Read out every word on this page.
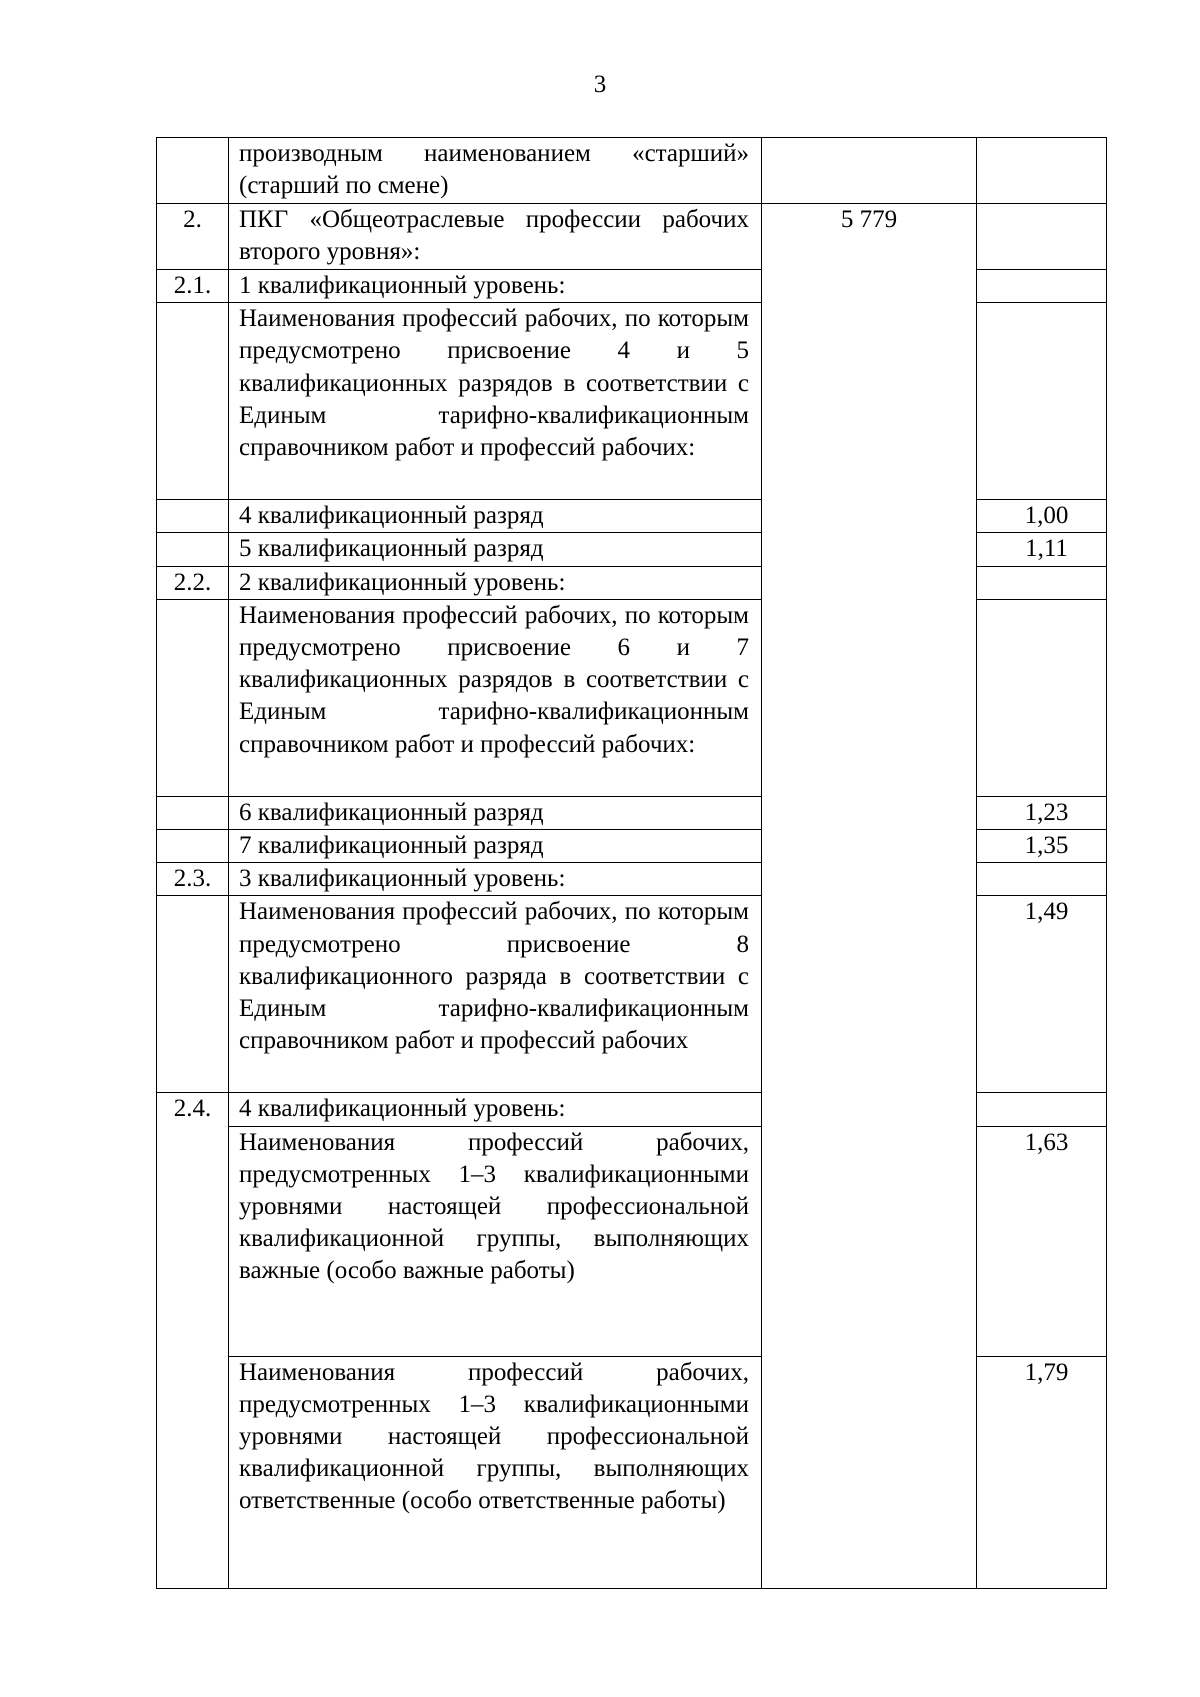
3
	производным наименованием «старший» (старший по смене)		

2.	ПКГ «Общеотраслевые профессии рабочих второго уровня»:	5 779	

2.1.	1 квалификационный уровень:		
	Наименования профессий рабочих, по которым предусмотрено присвоение 4 и 5 квалификационных разрядов в соответствии с Единым тарифно-квалификационным справочником работ и профессий рабочих:		
	4 квалификационный разряд		1,00

	5 квалификационный разряд		1,11

2.2.	2 квалификационный уровень:		
	Наименования профессий рабочих, по которым предусмотрено присвоение 6 и 7 квалификационных разрядов в соответствии с Единым тарифно-квалификационным справочником работ и профессий рабочих:		
	6 квалификационный разряд		1,23

	7 квалификационный разряд		1,35

2.3.	3 квалификационный уровень:		
	Наименования профессий рабочих, по которым предусмотрено присвоение 8 квалификационного разряда в соответствии с Единым тарифно-квалификационным справочником работ и профессий рабочих		1,49

2.4.	4 квалификационный уровень:		
	Наименования профессий рабочих, предусмотренных 1–3 квалификационными уровнями настоящей профессиональной квалификационной группы, выполняющих важные (особо важные работы)		1,63

	Наименования профессий рабочих, предусмотренных 1–3 квалификационными уровнями настоящей профессиональной квалификационной группы, выполняющих ответственные (особо ответственные работы)		1,79
